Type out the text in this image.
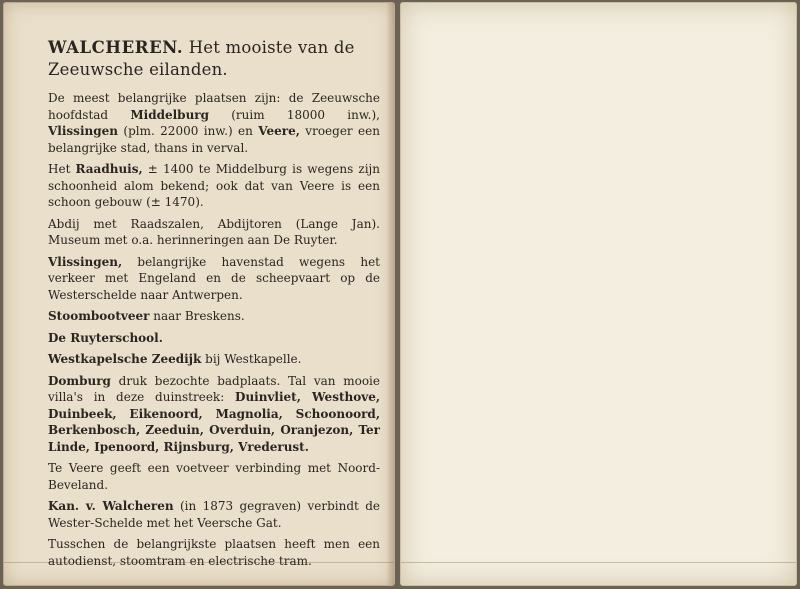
WALCHEREN. Het mooiste van de Zeeuwsche eilanden.

De meest belangrijke plaatsen zijn: de Zeeuwsche hoofdstad Middelburg (ruim 18000 inw.), Vlissingen (plm. 22000 inw.) en Veere, vroeger een belangrijke stad, thans in verval.

Het Raadhuis, ± 1400 te Middelburg is wegens zijn schoonheid alom bekend; ook dat van Veere is een schoon gebouw (± 1470).

Abdij met Raadszalen, Abdijtoren (Lange Jan). Museum met o.a. herinneringen aan De Ruyter.

Vlissingen, belangrijke havenstad wegens het verkeer met Engeland en de scheepvaart op de Westerschelde naar Antwerpen.

Stoombootveer naar Breskens.

De Ruyterschool.

Westkapelsche Zeedijk bij Westkapelle.

Domburg druk bezochte badplaats. Tal van mooie villa's in deze duinstreek: Duinvliet, Westhove, Duinbeek, Eikenoord, Magnolia, Schoonoord, Berkenbosch, Zeeduin, Overduin, Oranjezon, Ter Linde, Ipenoord, Rijnsburg, Vrederust.

Te Veere geeft een voetveer verbinding met Noord-Beveland.

Kan. v. Walcheren (in 1873 gegraven) verbindt de Wester-Schelde met het Veersche Gat.

Tusschen de belangrijkste plaatsen heeft men een autodienst, stoomtram en electrische tram.
